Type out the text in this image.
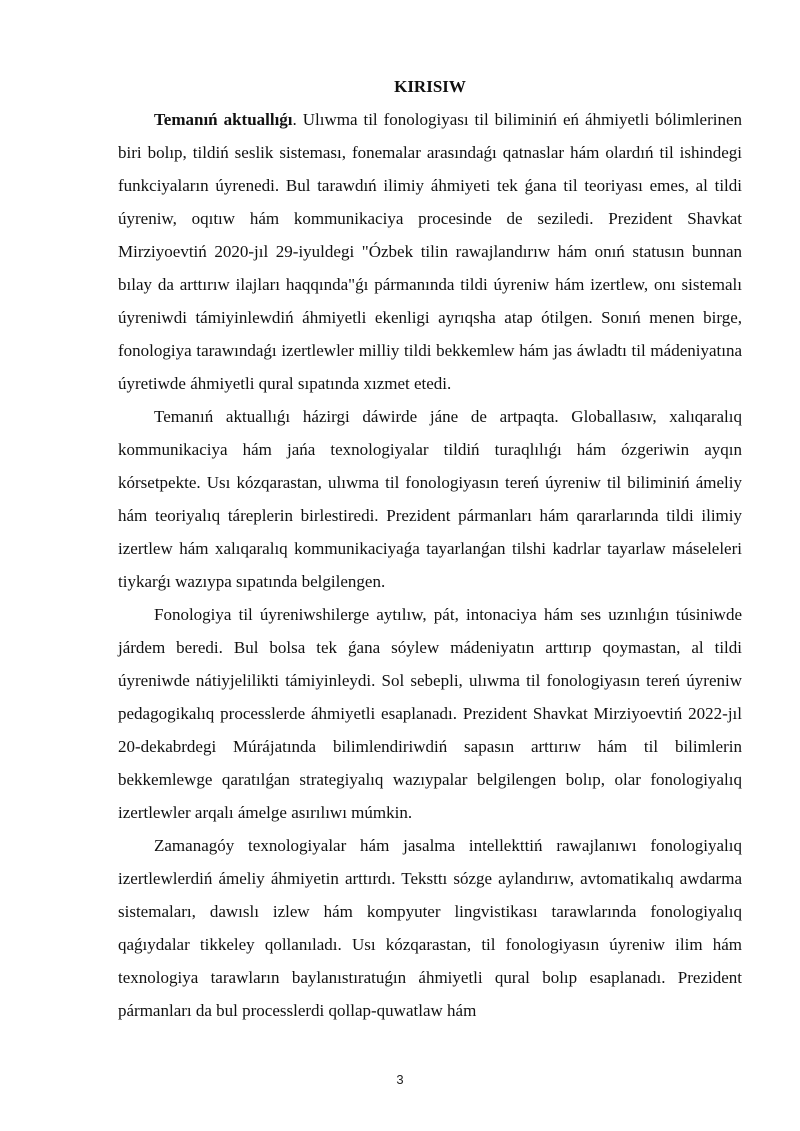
KIRISIW

Temanıń aktuallıǵı. Ulıwma til fonologiyası til biliminiń eń áhmiyetli bólimlerinen biri bolıp, tildiń seslik sisteması, fonemalar arasındaǵı qatnaslar hám olardıń til ishindegi funkciyaların úyrenedi. Bul tarawdıń ilimiy áhmiyeti tek ǵana til teoriyası emes, al tildi úyreniw, oqıtıw hám kommunikaciya procesinde de seziledi. Prezident Shavkat Mirziyoevtiń 2020-jıl 29-iyuldegi "Ózbek tilin rawajlandırıw hám onıń statusın bunnan bılay da arttırıw ilajları haqqında"ǵı pármanında tildi úyreniw hám izertlew, onı sistemalı úyreniwdi támiyinlewdiń áhmiyetli ekenligi ayrıqsha atap ótilgen. Sonıń menen birge, fonologiya tarawındaǵı izertlewler milliy tildi bekkemlew hám jas áwladtı til mádeniyatına úyretiwde áhmiyetli qural sıpatında xızmet etedi.

Temanıń aktuallıǵı házirgi dáwirde jáne de artpaqta. Globallasıw, xalıqaralıq kommunikaciya hám jańa texnologiyalar tildiń turaqlılıǵı hám ózgeriwin ayqın kórsetpekte. Usı kózqarastan, ulıwma til fonologiyasın tereń úyreniw til biliminiń ámeliy hám teoriyalıq táreplerin birlestiredi. Prezident pármanları hám qararlarında tildi ilimiy izertlew hám xalıqaralıq kommunikaciyaǵa tayarlanǵan tilshi kadrlar tayarlaw máseleleri tiykarǵı wazıypa sıpatında belgilengen.

Fonologiya til úyreniwshilerge aytılıw, pát, intonaciya hám ses uzınlıǵın túsiniwde járdem beredi. Bul bolsa tek ǵana sóylew mádeniyatın arttırıp qoymastan, al tildi úyreniwde nátiyjelilikti támiyinleydi. Sol sebepli, ulıwma til fonologiyasın tereń úyreniw pedagogikalıq processlerde áhmiyetli esaplanadı. Prezident Shavkat Mirziyoevtiń 2022-jıl 20-dekabrdegi Múrájatında bilimlendiriwdiń sapasın arttırıw hám til bilimlerin bekkemlewge qaratılǵan strategiyalıq wazıypalar belgilengen bolıp, olar fonologiyalıq izertlewler arqalı ámelge asırılıwı múmkin.

Zamanagóy texnologiyalar hám jasalma intellekttiń rawajlanıwı fonologiyalıq izertlewlerdiń ámeliy áhmiyetin arttırdı. Teksttı sózge aylandırıw, avtomatikalıq awdarma sistemaları, dawıslı izlew hám kompyuter lingvistikası tarawlarında fonologiyalıq qaǵıydalar tikkeley qollanıladı. Usı kózqarastan, til fonologiyasın úyreniw ilim hám texnologiya tarawların baylanıstıratuǵın áhmiyetli qural bolıp esaplanadı. Prezident pármanları da bul processlerdi qollap-quwatlaw hám

3
